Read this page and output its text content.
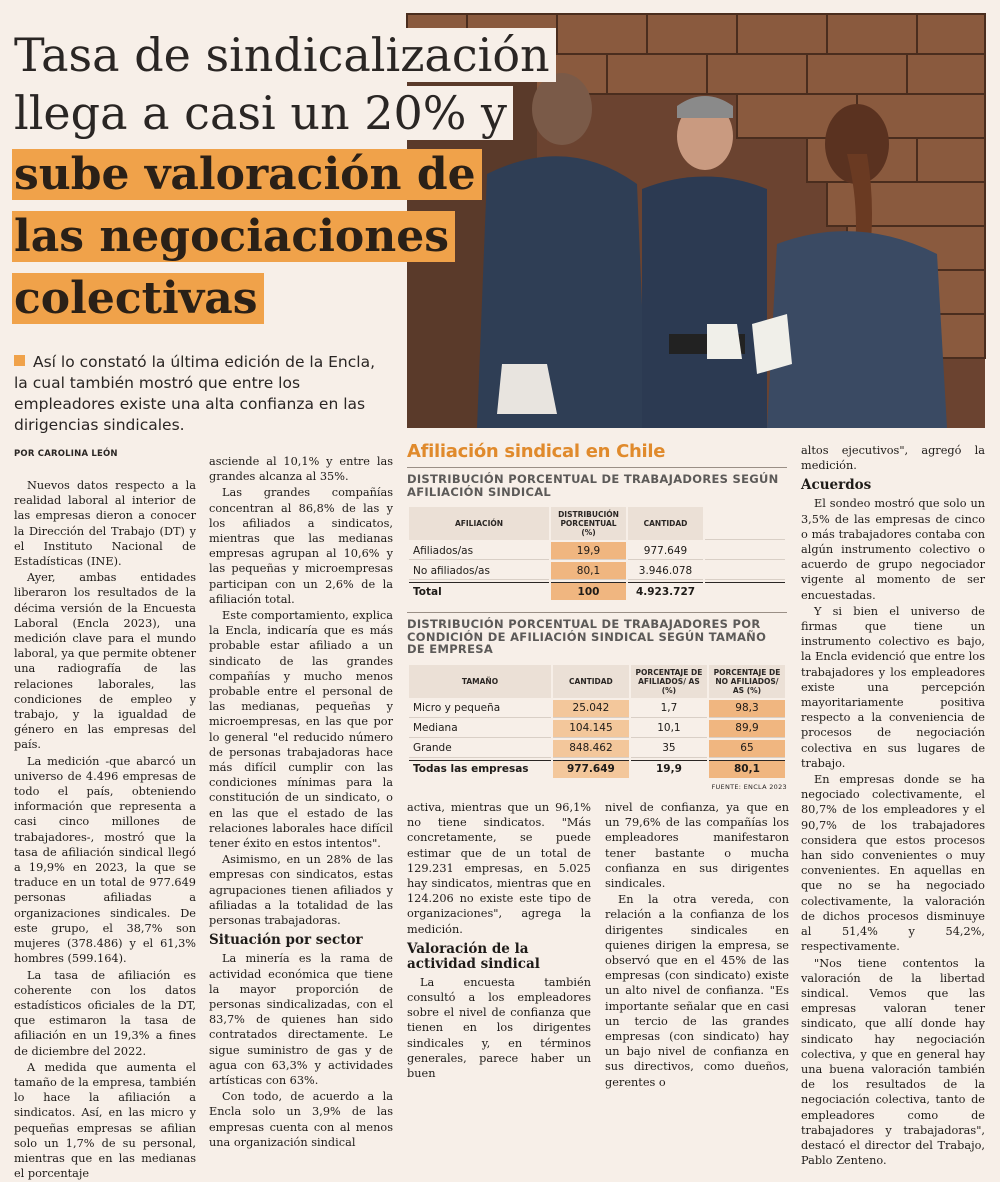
Tasa de sindicalización
llega a casi un 20% y
sube valoración de
las negociaciones
colectivas
Así lo constató la última edición de la Encla, la cual también mostró que entre los empleadores existe una alta confianza en las dirigencias sindicales.
POR CAROLINA LEÓN

Nuevos datos respecto a la realidad laboral al interior de las empresas dieron a conocer la Dirección del Trabajo (DT) y el Instituto Nacional de Estadísticas (INE).

Ayer, ambas entidades liberaron los resultados de la décima versión de la Encuesta Laboral (Encla 2023), una medición clave para el mundo laboral, ya que permite obtener una radiografía de las relaciones laborales, las condiciones de empleo y trabajo, y la igualdad de género en las empresas del país.

La medición -que abarcó un universo de 4.496 empresas de todo el país, obteniendo información que representa a casi cinco millones de trabajadores-, mostró que la tasa de afiliación sindical llegó a 19,9% en 2023, la que se traduce en un total de 977.649 personas afiliadas a organizaciones sindicales. De este grupo, el 38,7% son mujeres (378.486) y el 61,3% hombres (599.164).

La tasa de afiliación es coherente con los datos estadísticos oficiales de la DT, que estimaron la tasa de afiliación en un 19,3% a fines de diciembre del 2022.

A medida que aumenta el tamaño de la empresa, también lo hace la afiliación a sindicatos. Así, en las micro y pequeñas empresas se afilian solo un 1,7% de su personal, mientras que en las medianas el porcentaje

asciende al 10,1% y entre las grandes alcanza al 35%.

Las grandes compañías concentran al 86,8% de las y los afiliados a sindicatos, mientras que las medianas empresas agrupan al 10,6% y las pequeñas y microempresas participan con un 2,6% de la afiliación total.

Este comportamiento, explica la Encla, indicaría que es más probable estar afiliado a un sindicato de las grandes compañías y mucho menos probable entre el personal de las medianas, pequeñas y microempresas, en las que por lo general "el reducido número de personas trabajadoras hace más difícil cumplir con las condiciones mínimas para la constitución de un sindicato, o en las que el estado de las relaciones laborales hace difícil tener éxito en estos intentos".

Asimismo, en un 28% de las empresas con sindicatos, estas agrupaciones tienen afiliados y afiliadas a la totalidad de las personas trabajadoras.

Situación por sector

La minería es la rama de actividad económica que tiene la mayor proporción de personas sindicalizadas, con el 83,7% de quienes han sido contratados directamente. Le sigue suministro de gas y de agua con 63,3% y actividades artísticas con 63%.

Con todo, de acuerdo a la Encla solo un 3,9% de las empresas cuenta con al menos una organización sindical

Afiliación sindical en Chile
DISTRIBUCIÓN PORCENTUAL DE TRABAJADORES SEGÚN AFILIACIÓN SINDICAL
AFILIACIÓN	DISTRIBUCIÓN PORCENTUAL (%)	CANTIDAD	
Afiliados/as	19,9	977.649	
No afiliados/as	80,1	3.946.078	
Total	100	4.923.727	
DISTRIBUCIÓN PORCENTUAL DE TRABAJADORES POR CONDICIÓN DE AFILIACIÓN SINDICAL SEGÚN TAMAÑO DE EMPRESA
TAMAÑO	CANTIDAD	PORCENTAJE DE AFILIADOS/ AS (%)	PORCENTAJE DE NO AFILIADOS/ AS (%)
Micro y pequeña	25.042	1,7	98,3
Mediana	104.145	10,1	89,9
Grande	848.462	35	65
Todas las empresas	977.649	19,9	80,1
FUENTE: ENCLA 2023

activa, mientras que un 96,1% no tiene sindicatos. "Más concretamente, se puede estimar que de un total de 129.231 empresas, en 5.025 hay sindicatos, mientras que en 124.206 no existe este tipo de organizaciones", agrega la medición.

Valoración de la actividad sindical

La encuesta también consultó a los empleadores sobre el nivel de confianza que tienen en los dirigentes sindicales y, en términos generales, parece haber un buen

nivel de confianza, ya que en un 79,6% de las compañías los empleadores manifestaron tener bastante o mucha confianza en sus dirigentes sindicales.

En la otra vereda, con relación a la confianza de los dirigentes sindicales en quienes dirigen la empresa, se observó que en el 45% de las empresas (con sindicato) existe un alto nivel de confianza. "Es importante señalar que en casi un tercio de las grandes empresas (con sindicato) hay un bajo nivel de confianza en sus directivos, como dueños, gerentes o

altos ejecutivos", agregó la medición.

Acuerdos

El sondeo mostró que solo un 3,5% de las empresas de cinco o más trabajadores contaba con algún instrumento colectivo o acuerdo de grupo negociador vigente al momento de ser encuestadas.

Y si bien el universo de firmas que tiene un instrumento colectivo es bajo, la Encla evidenció que entre los trabajadores y los empleadores existe una percepción mayoritariamente positiva respecto a la conveniencia de procesos de negociación colectiva en sus lugares de trabajo.

En empresas donde se ha negociado colectivamente, el 80,7% de los empleadores y el 90,7% de los trabajadores considera que estos procesos han sido convenientes o muy convenientes. En aquellas en que no se ha negociado colectivamente, la valoración de dichos procesos disminuye al 51,4% y 54,2%, respectivamente.

"Nos tiene contentos la valoración de la libertad sindical. Vemos que las empresas valoran tener sindicato, que allí donde hay sindicato hay negociación colectiva, y que en general hay una buena valoración también de los resultados de la negociación colectiva, tanto de empleadores como de trabajadores y trabajadoras", destacó el director del Trabajo, Pablo Zenteno.
